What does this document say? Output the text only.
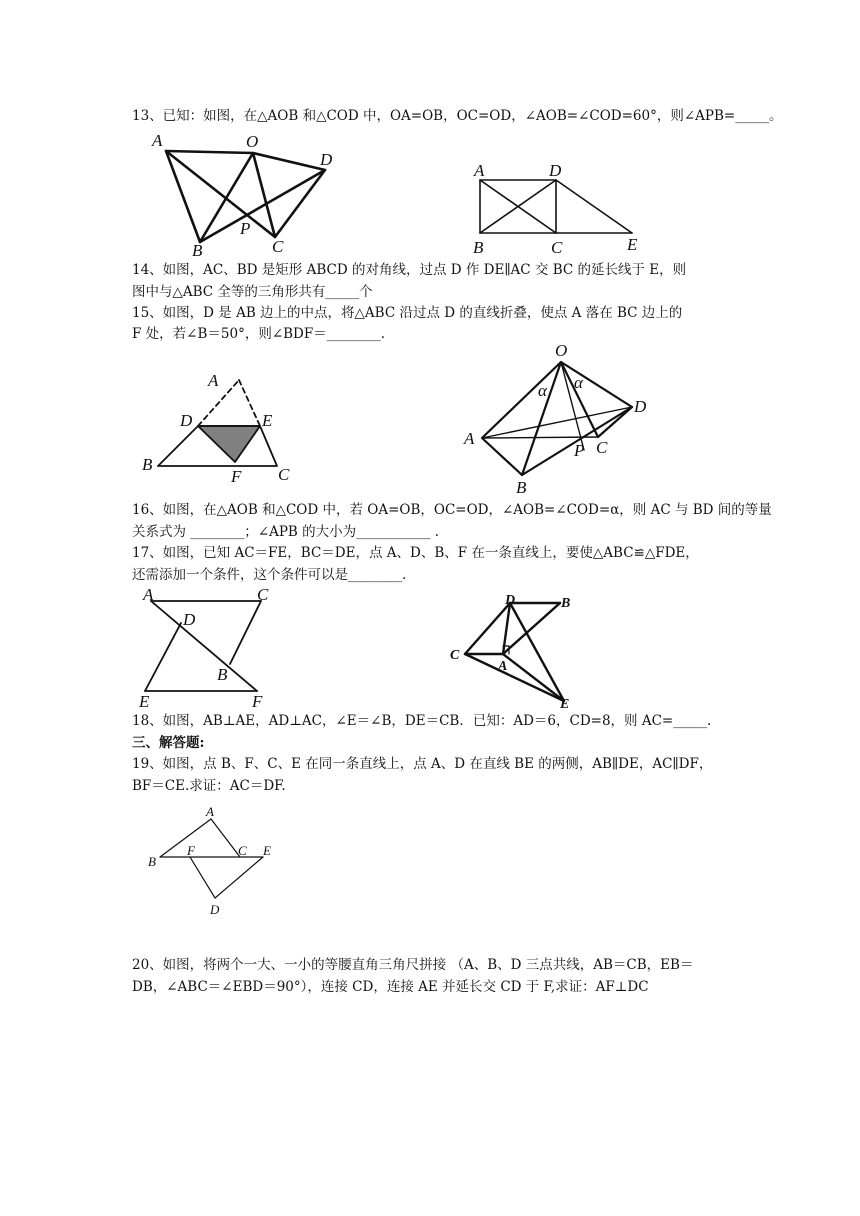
13、已知：如图，在△AOB 和△COD 中，OA=OB，OC=OD，∠AOB=∠COD=60°，则∠APB=_____。
14、如图，AC、BD 是矩形 ABCD 的对角线，过点 D 作 DE∥AC 交 BC 的延长线于 E，则
图中与△ABC 全等的三角形共有_____个
15、如图，D 是 AB 边上的中点，将△ABC 沿过点 D 的直线折叠，使点 A 落在 BC 边上的
F 处，若∠B＝50°，则∠BDF＝________.
16、如图，在△AOB 和△COD 中，若 OA=OB，OC=OD，∠AOB=∠COD=α，则 AC 与 BD 间的等量
关系式为 ________；∠APB 的大小为___________ .
17、如图，已知 AC＝FE，BC＝DE，点 A、D、B、F 在一条直线上，要使△ABC≌△FDE，
还需添加一个条件，这个条件可以是________.
18、如图，AB⊥AE，AD⊥AC，∠E＝∠B，DE＝CB．已知：AD＝6，CD=8，则 AC=_____.
三、解答题:
19、如图，点 B、F、C、E 在同一条直线上，点 A、D 在直线 BE 的两侧，AB∥DE，AC∥DF，
BF＝CE.求证：AC＝DF.
20、如图，将两个一大、一小的等腰直角三角尺拼接 （A、B、D 三点共线，AB＝CB，EB＝
DB，∠ABC＝∠EBD＝90°），连接 CD，连接 AE 并延长交 CD 于 F,求证：AF⊥DC
A	O
D
B
P
C
A	D
B	C	E
A
D	E
B
F C
O
α α
D
A
P C
B
A	C
D
B
E	F
D	B
C
A
E
A
B
F	C E
D
